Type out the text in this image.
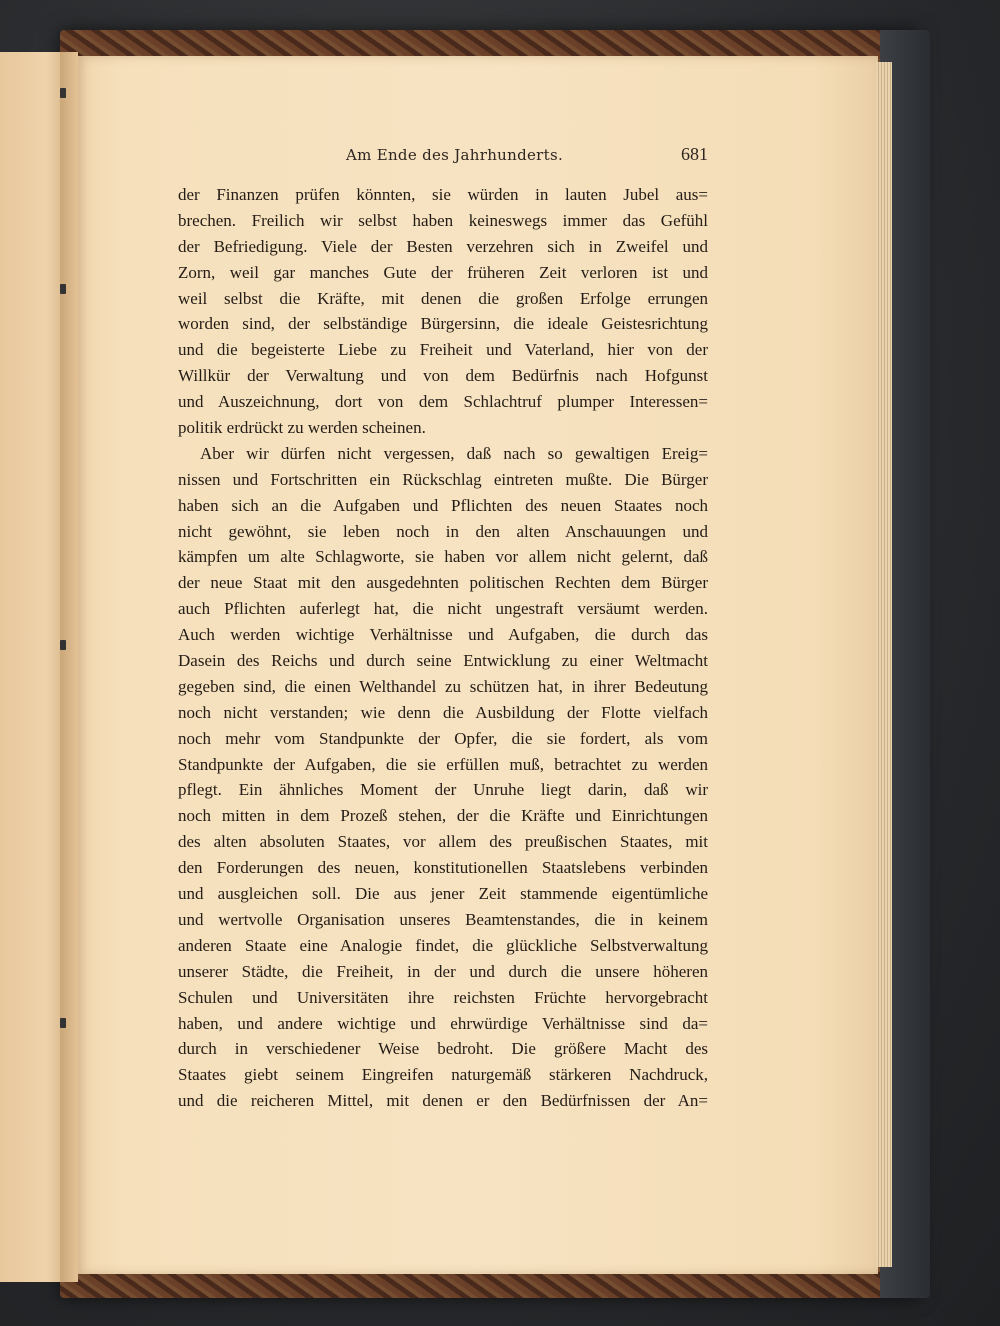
Am Ende des Jahrhunderts.	681
der Finanzen prüfen könnten, sie würden in lauten Jubel aus=
brechen. Freilich wir selbst haben keineswegs immer das Gefühl
der Befriedigung. Viele der Besten verzehren sich in Zweifel und
Zorn, weil gar manches Gute der früheren Zeit verloren ist und
weil selbst die Kräfte, mit denen die großen Erfolge errungen
worden sind, der selbständige Bürgersinn, die ideale Geistesrichtung
und die begeisterte Liebe zu Freiheit und Vaterland, hier von der
Willkür der Verwaltung und von dem Bedürfnis nach Hofgunst
und Auszeichnung, dort von dem Schlachtruf plumper Interessen=
politik erdrückt zu werden scheinen.
Aber wir dürfen nicht vergessen, daß nach so gewaltigen Ereig=
nissen und Fortschritten ein Rückschlag eintreten mußte. Die Bürger
haben sich an die Aufgaben und Pflichten des neuen Staates noch
nicht gewöhnt, sie leben noch in den alten Anschauungen und
kämpfen um alte Schlagworte, sie haben vor allem nicht gelernt, daß
der neue Staat mit den ausgedehnten politischen Rechten dem Bürger
auch Pflichten auferlegt hat, die nicht ungestraft versäumt werden.
Auch werden wichtige Verhältnisse und Aufgaben, die durch das
Dasein des Reichs und durch seine Entwicklung zu einer Weltmacht
gegeben sind, die einen Welthandel zu schützen hat, in ihrer Bedeutung
noch nicht verstanden; wie denn die Ausbildung der Flotte vielfach
noch mehr vom Standpunkte der Opfer, die sie fordert, als vom
Standpunkte der Aufgaben, die sie erfüllen muß, betrachtet zu werden
pflegt. Ein ähnliches Moment der Unruhe liegt darin, daß wir
noch mitten in dem Prozeß stehen, der die Kräfte und Einrichtungen
des alten absoluten Staates, vor allem des preußischen Staates, mit
den Forderungen des neuen, konstitutionellen Staatslebens verbinden
und ausgleichen soll. Die aus jener Zeit stammende eigentümliche
und wertvolle Organisation unseres Beamtenstandes, die in keinem
anderen Staate eine Analogie findet, die glückliche Selbstverwaltung
unserer Städte, die Freiheit, in der und durch die unsere höheren
Schulen und Universitäten ihre reichsten Früchte hervorgebracht
haben, und andere wichtige und ehrwürdige Verhältnisse sind da=
durch in verschiedener Weise bedroht. Die größere Macht des
Staates giebt seinem Eingreifen naturgemäß stärkeren Nachdruck,
und die reicheren Mittel, mit denen er den Bedürfnissen der An=
